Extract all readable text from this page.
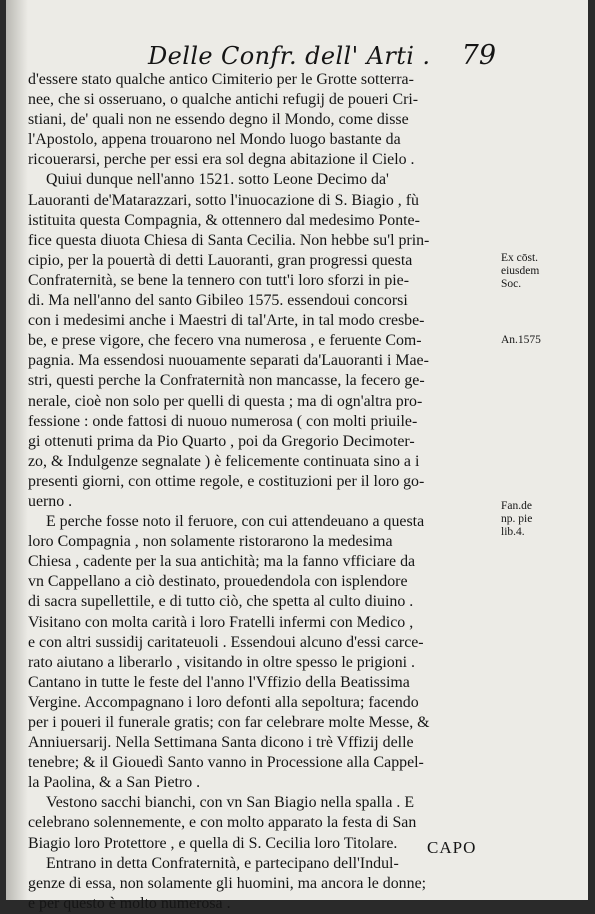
Delle Confr. dell' Arti . 79
d'essere stato qualche antico Cimiterio per le Grotte sotterra-
nee, che si osseruano, o qualche antichi refugij de poueri Cri-
stiani, de' quali non ne essendo degno il Mondo, come disse
l'Apostolo, appena trouarono nel Mondo luogo bastante da
ricouerarsi, perche per essi era sol degna abitazione il Cielo .
Quiui dunque nell'anno 1521. sotto Leone Decimo da'
Lauoranti de'Matarazzari, sotto l'inuocazione di S. Biagio , fù
istituita questa Compagnia, & ottennero dal medesimo Ponte-
fice questa diuota Chiesa di Santa Cecilia. Non hebbe su'l prin-
cipio, per la pouertà di detti Lauoranti, gran progressi questa
Confraternità, se bene la tennero con tutt'i loro sforzi in pie-
di. Ma nell'anno del santo Gibileo 1575. essendoui concorsi
con i medesimi anche i Maestri di tal'Arte, in tal modo cresbe-
be, e prese vigore, che fecero vna numerosa , e feruente Com-
pagnia. Ma essendosi nuouamente separati da'Lauoranti i Mae-
stri, questi perche la Confraternità non mancasse, la fecero ge-
nerale, cioè non solo per quelli di questa ; ma di ogn'altra pro-
fessione : onde fattosi di nuouo numerosa ( con molti priuile-
gi ottenuti prima da Pio Quarto , poi da Gregorio Decimoter-
zo, & Indulgenze segnalate ) è felicemente continuata sino a i
presenti giorni, con ottime regole, e costituzioni per il loro go-
uerno .
E perche fosse noto il feruore, con cui attendeuano a questa
loro Compagnia , non solamente ristorarono la medesima
Chiesa , cadente per la sua antichità; ma la fanno vfficiare da
vn Cappellano a ciò destinato, prouedendola con isplendore
di sacra supellettile, e di tutto ciò, che spetta al culto diuino .
Visitano con molta carità i loro Fratelli infermi con Medico ,
e con altri sussidij caritateuoli . Essendoui alcuno d'essi carce-
rato aiutano a liberarlo , visitando in oltre spesso le prigioni .
Cantano in tutte le feste del l'anno l'Vffizio della Beatissima
Vergine. Accompagnano i loro defonti alla sepoltura; facendo
per i poueri il funerale gratis; con far celebrare molte Messe, &
Anniuersarij. Nella Settimana Santa dicono i trè Vffizij delle
tenebre; & il Giouedì Santo vanno in Processione alla Cappel-
la Paolina, & a San Pietro .
Vestono sacchi bianchi, con vn San Biagio nella spalla . E
celebrano solennemente, e con molto apparato la festa di San
Biagio loro Protettore , e quella di S. Cecilia loro Titolare.
Entrano in detta Confraternità, e partecipano dell'Indul-
genze di essa, non solamente gli huomini, ma ancora le donne;
e per questo è molto numerosa .
Ex cōst.
eiusdem
Soc.
An.1575
Fan.de
np. pie
lib.4.
CAPO
